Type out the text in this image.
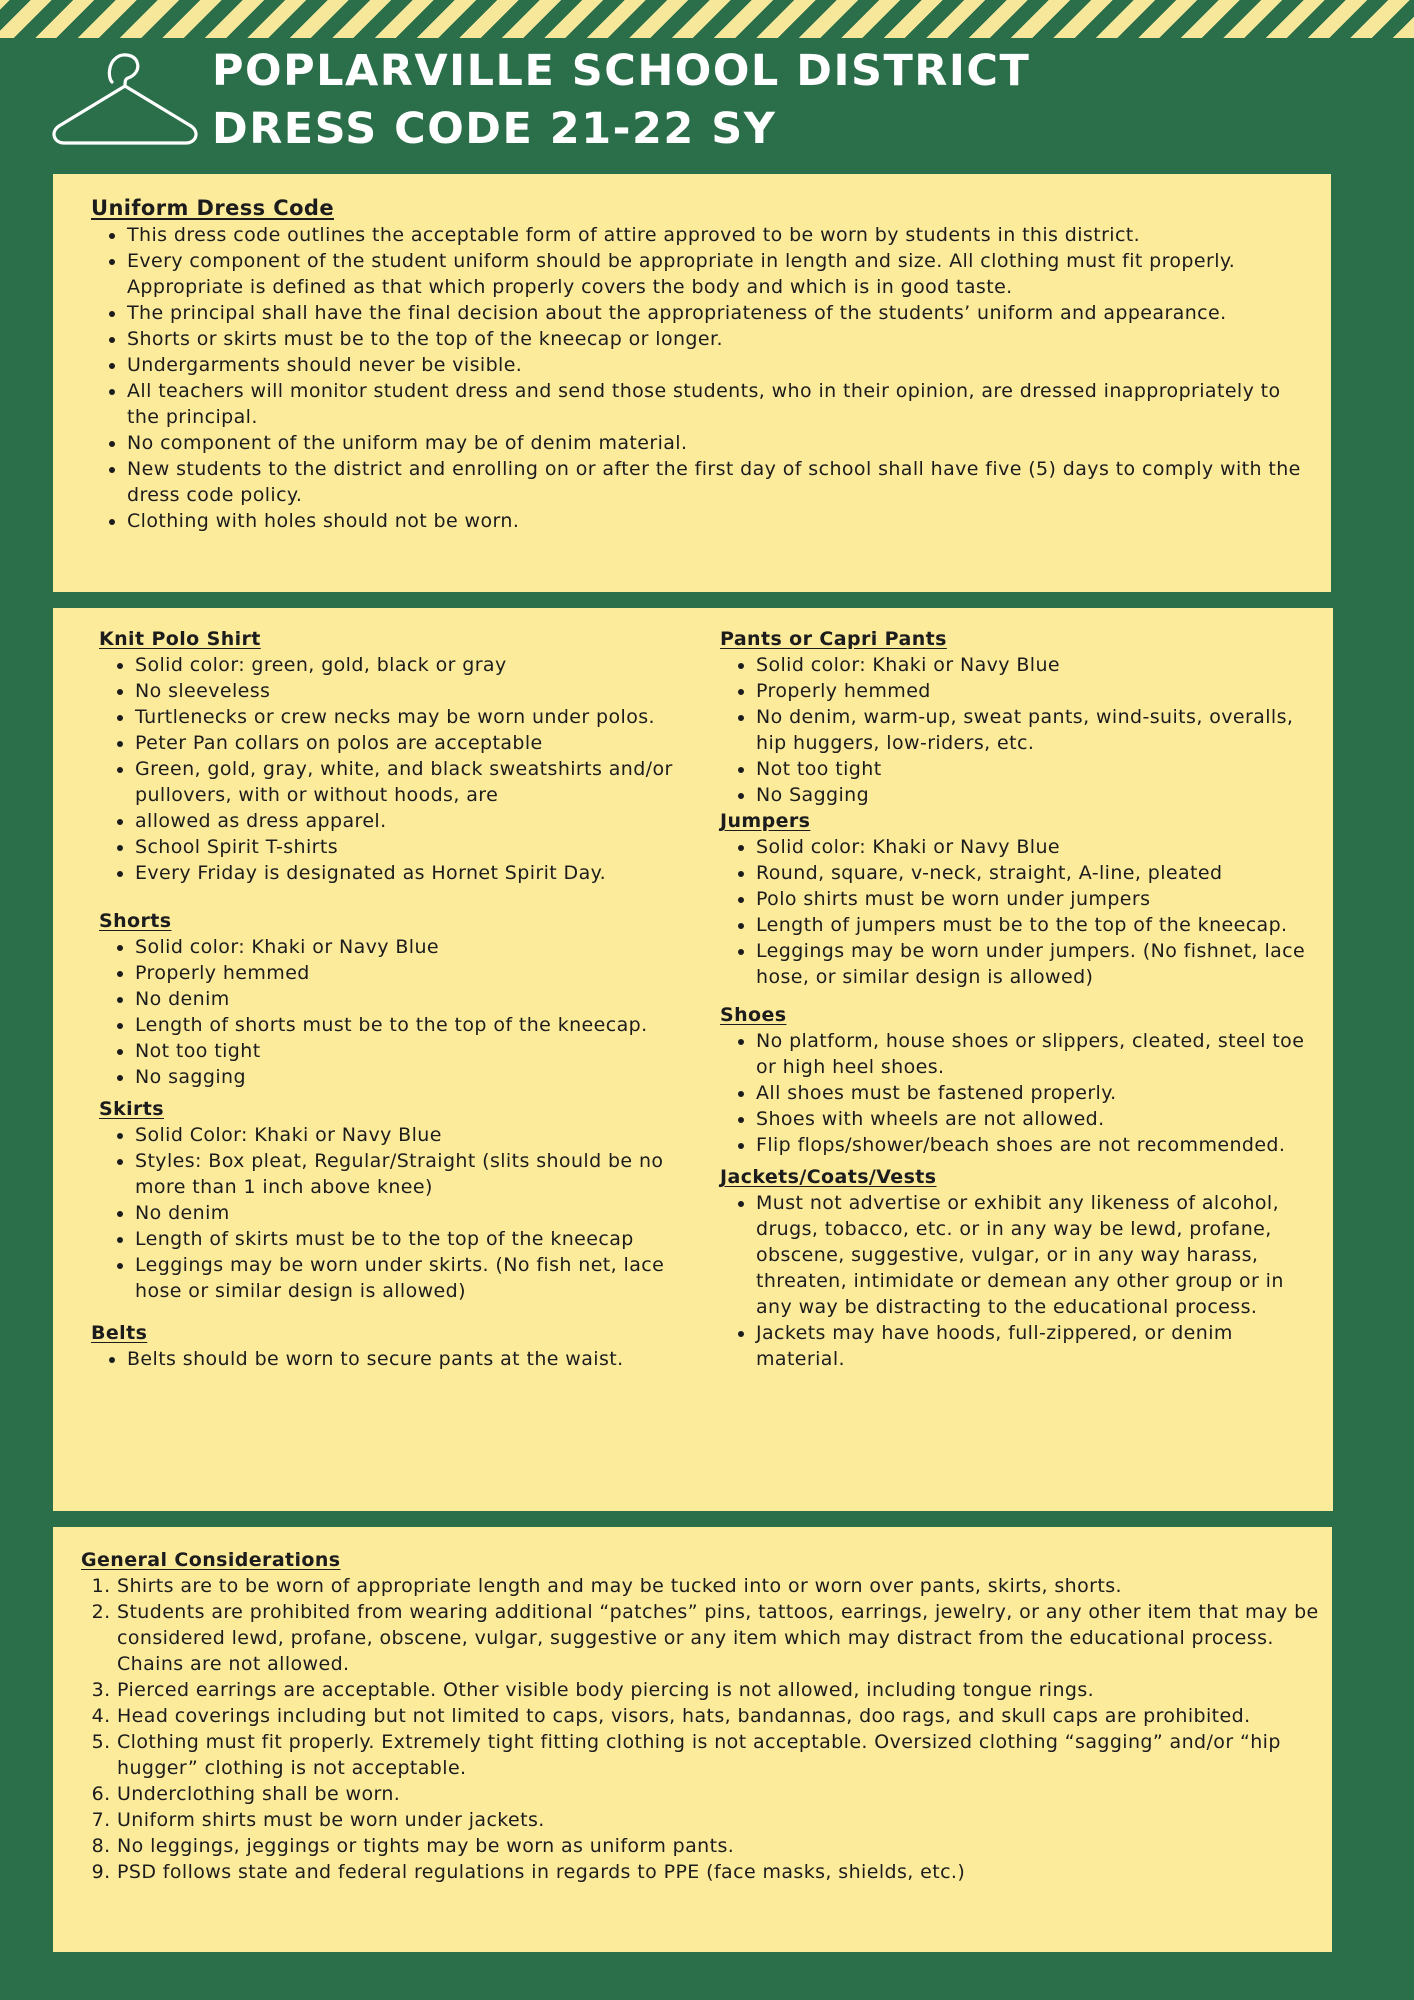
POPLARVILLE SCHOOL DISTRICT
DRESS CODE 21-22 SY

Uniform Dress Code

• This dress code outlines the acceptable form of attire approved to be worn by students in this district.
• Every component of the student uniform should be appropriate in length and size. All clothing must fit properly. Appropriate is defined as that which properly covers the body and which is in good taste.
• The principal shall have the final decision about the appropriateness of the students’ uniform and appearance.
• Shorts or skirts must be to the top of the kneecap or longer.
• Undergarments should never be visible.
• All teachers will monitor student dress and send those students, who in their opinion, are dressed inappropriately to the principal.
• No component of the uniform may be of denim material.
• New students to the district and enrolling on or after the first day of school shall have five (5) days to comply with the dress code policy.
• Clothing with holes should not be worn.

Knit Polo Shirt

• Solid color: green, gold, black or gray
• No sleeveless
• Turtlenecks or crew necks may be worn under polos.
• Peter Pan collars on polos are acceptable
• Green, gold, gray, white, and black sweatshirts and/or pullovers, with or without hoods, are
• allowed as dress apparel.
• School Spirit T-shirts
• Every Friday is designated as Hornet Spirit Day.

Shorts

• Solid color: Khaki or Navy Blue
• Properly hemmed
• No denim
• Length of shorts must be to the top of the kneecap.
• Not too tight
• No sagging

Skirts

• Solid Color: Khaki or Navy Blue
• Styles: Box pleat, Regular/Straight (slits should be no more than 1 inch above knee)
• No denim
• Length of skirts must be to the top of the kneecap
• Leggings may be worn under skirts. (No fish net, lace hose or similar design is allowed)

Belts

• Belts should be worn to secure pants at the waist.

Pants or Capri Pants

• Solid color: Khaki or Navy Blue
• Properly hemmed
• No denim, warm-up, sweat pants, wind-suits, overalls, hip huggers, low-riders, etc.
• Not too tight
• No Sagging

Jumpers

• Solid color: Khaki or Navy Blue
• Round, square, v-neck, straight, A-line, pleated
• Polo shirts must be worn under jumpers
• Length of jumpers must be to the top of the kneecap.
• Leggings may be worn under jumpers. (No fishnet, lace hose, or similar design is allowed)

Shoes

• No platform, house shoes or slippers, cleated, steel toe or high heel shoes.
• All shoes must be fastened properly.
• Shoes with wheels are not allowed.
• Flip flops/shower/beach shoes are not recommended.

Jackets/Coats/Vests

• Must not advertise or exhibit any likeness of alcohol, drugs, tobacco, etc. or in any way be lewd, profane, obscene, suggestive, vulgar, or in any way harass, threaten, intimidate or demean any other group or in any way be distracting to the educational process.
• Jackets may have hoods, full-zippered, or denim material.

General Considerations

1. Shirts are to be worn of appropriate length and may be tucked into or worn over pants, skirts, shorts.
2. Students are prohibited from wearing additional “patches” pins, tattoos, earrings, jewelry, or any other item that may be considered lewd, profane, obscene, vulgar, suggestive or any item which may distract from the educational process. Chains are not allowed.
3. Pierced earrings are acceptable. Other visible body piercing is not allowed, including tongue rings.
4. Head coverings including but not limited to caps, visors, hats, bandannas, doo rags, and skull caps are prohibited.
5. Clothing must fit properly. Extremely tight fitting clothing is not acceptable. Oversized clothing “sagging” and/or “hip hugger” clothing is not acceptable.
6. Underclothing shall be worn.
7. Uniform shirts must be worn under jackets.
8. No leggings, jeggings or tights may be worn as uniform pants.
9. PSD follows state and federal regulations in regards to PPE (face masks, shields, etc.)
